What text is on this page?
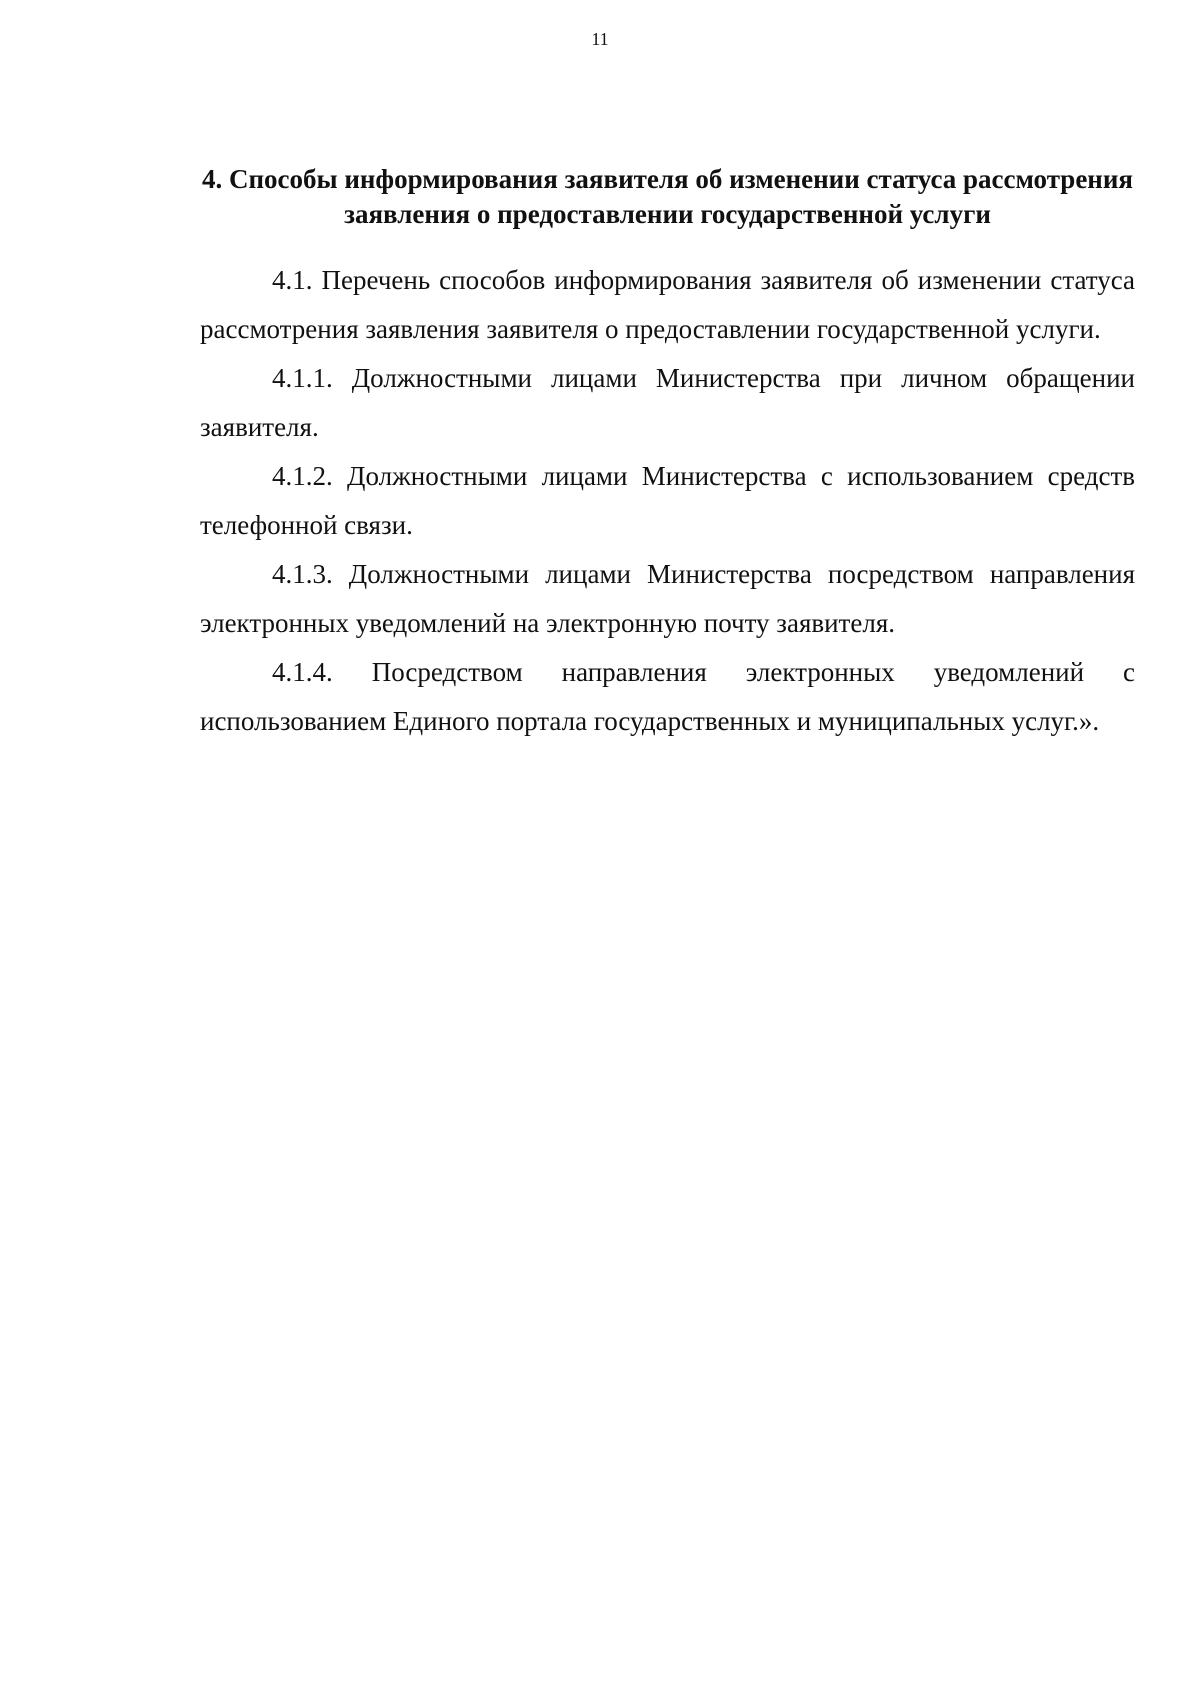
11
4. Способы информирования заявителя об изменении статуса рассмотрения заявления о предоставлении государственной услуги

4.1. Перечень способов информирования заявителя об изменении статуса рассмотрения заявления заявителя о предоставлении государственной услуги.

4.1.1. Должностными лицами Министерства при личном обращении заявителя.

4.1.2. Должностными лицами Министерства с использованием средств телефонной связи.

4.1.3. Должностными лицами Министерства посредством направления электронных уведомлений на электронную почту заявителя.

4.1.4. Посредством направления электронных уведомлений с использованием Единого портала государственных и муниципальных услуг.».
